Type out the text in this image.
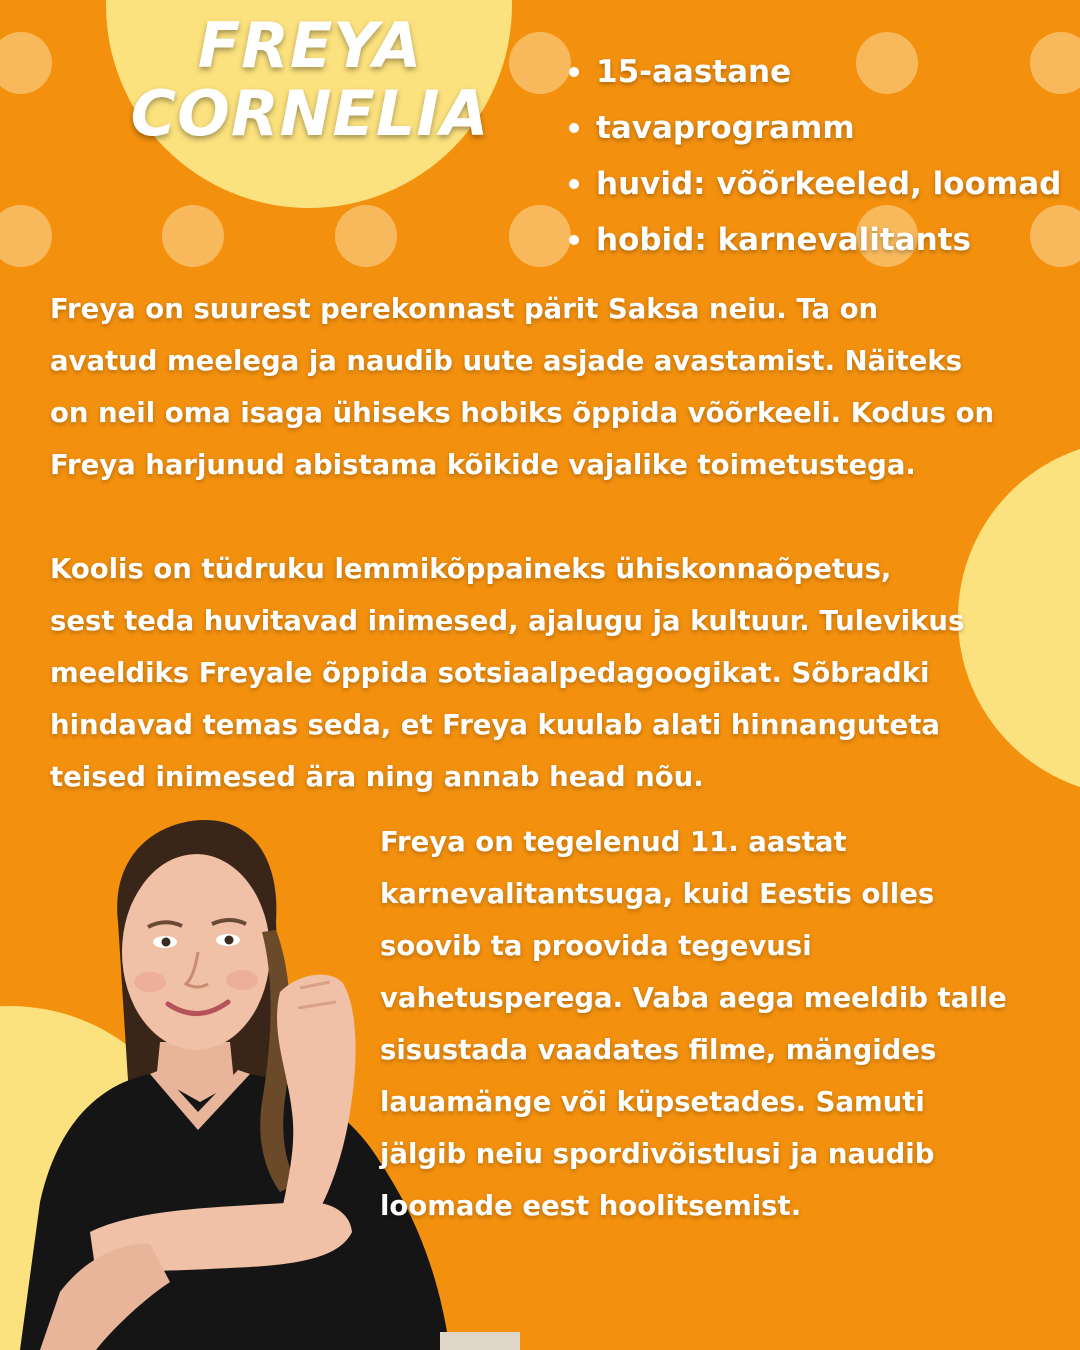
FREYA
CORNELIA
15-aastane
tavaprogramm
huvid: võõrkeeled, loomad
hobid: karnevalitants

Freya on suurest perekonnast pärit Saksa neiu. Ta on
avatud meelega ja naudib uute asjade avastamist. Näiteks
on neil oma isaga ühiseks hobiks õppida võõrkeeli. Kodus on
Freya harjunud abistama kõikide vajalike toimetustega.

Koolis on tüdruku lemmikõppaineks ühiskonnaõpetus,
sest teda huvitavad inimesed, ajalugu ja kultuur. Tulevikus
meeldiks Freyale õppida sotsiaalpedagoogikat. Sõbradki
hindavad temas seda, et Freya kuulab alati hinnanguteta
teised inimesed ära ning annab head nõu.

Freya on tegelenud 11. aastat
karnevalitantsuga, kuid Eestis olles
soovib ta proovida tegevusi
vahetusperega. Vaba aega meeldib talle
sisustada vaadates filme, mängides
lauamänge või küpsetades. Samuti
jälgib neiu spordivõistlusi ja naudib
loomade eest hoolitsemist.
